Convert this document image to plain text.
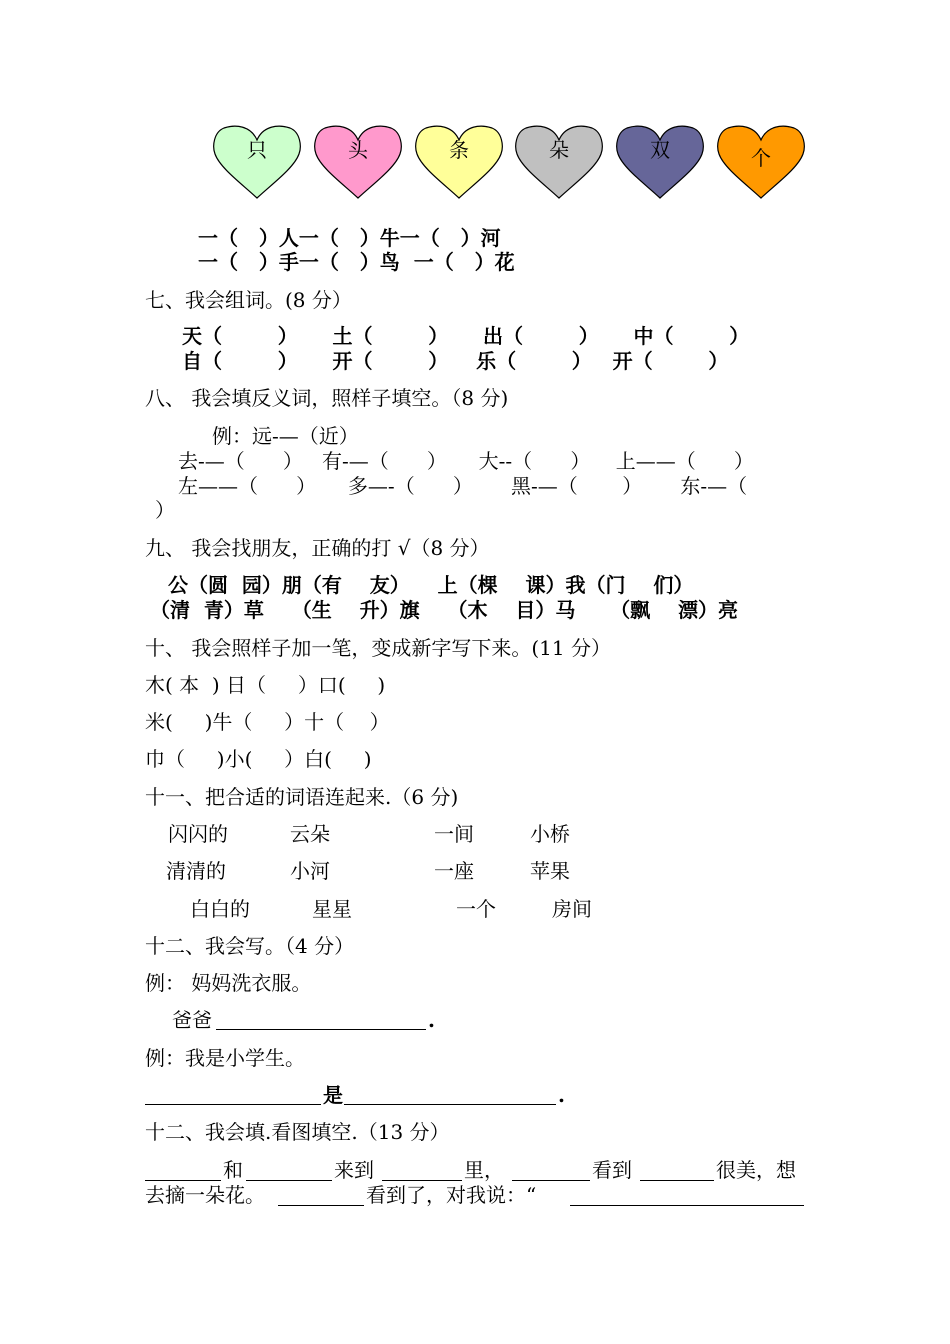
只	头	条	朵	双	个
一（   ）人一（   ）牛一（   ）河
一（   ）手一（   ）鸟  一（   ）花
七、我会组词。(8 分）
天（        ）     土（        ）     出（        ）     中（        ）
自（        ）     开（        ）    乐（        ）   开（        ）
八、 我会填反义词，照样子填空。（8 分)
例：远-—（近）
去-—（      ）   有-—（      ）     大--（      ）    上——（      ）
左——（      ）     多—-（      ）      黑-—（       ）      东-—（
）
九、 我会找朋友，正确的打 √（8 分）
公（圆  园）朋（有    友）    上（棵    课）我（门    们）
（清  青）草    （生    升）旗    （木    目）马     （飘    漂）亮
十、 我会照样子加一笔，变成新字写下来。(11 分）
木( 本  ) 日（     ）口(     )
米(     )牛（     ）十（    ）
巾（     )小(     ）白(     )
十一、把合适的词语连起来.（6 分)
闪闪的	云朵	一间	小桥
清清的	小河	一座	苹果
白白的	星星	一个	房间
十二、我会写。（4 分）
例： 妈妈洗衣服。
爸爸	.
例：我是小学生。
是	.
十二、我会填.看图填空.（13 分）
和	来到	里，	看到	很美，想
去摘一朵花。	看到了，对我说：“
